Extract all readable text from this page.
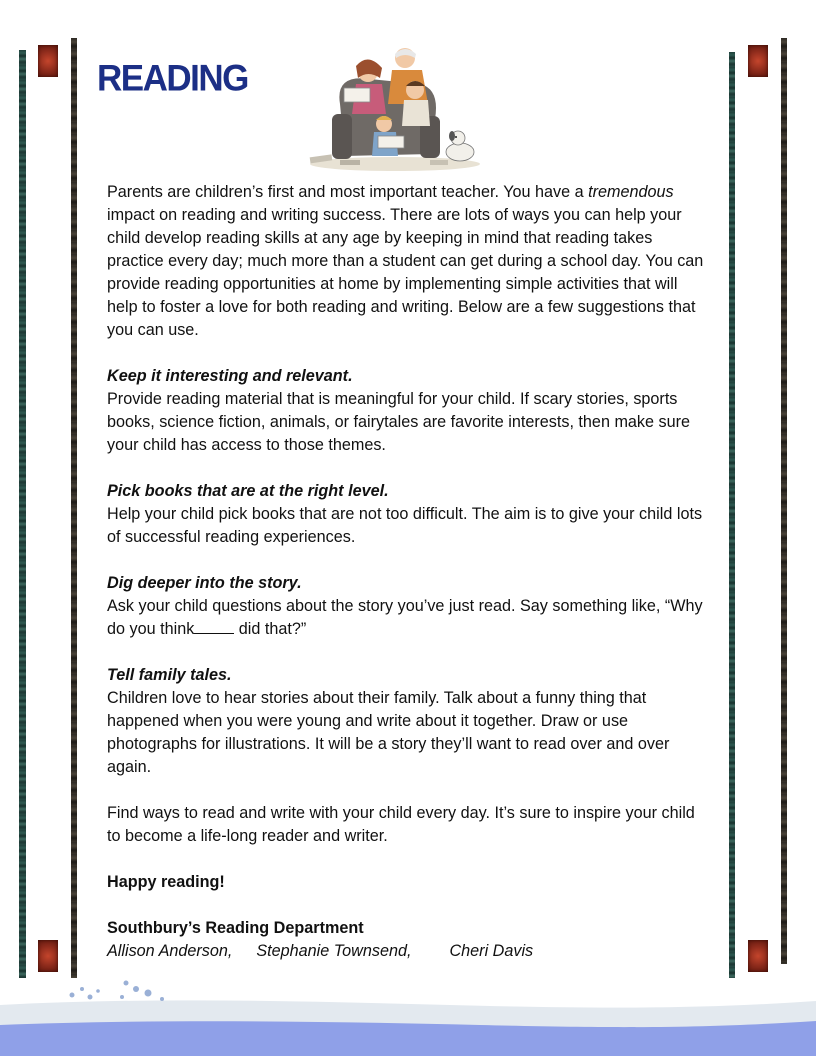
READING

Parents are children’s first and most important teacher. You have a tremendous impact on reading and writing success. There are lots of ways you can help your child develop reading skills at any age by keeping in mind that reading takes practice every day; much more than a student can get during a school day. You can provide reading opportunities at home by implementing simple activities that will help to foster a love for both reading and writing. Below are a few suggestions that you can use.

Keep it interesting and relevant.

Provide reading material that is meaningful for your child. If scary stories, sports books, science fiction, animals, or fairytales are favorite interests, then make sure your child has access to those themes.

Pick books that are at the right level.

Help your child pick books that are not too difficult. The aim is to give your child lots of successful reading experiences.

Dig deeper into the story.

Ask your child questions about the story you’ve just read. Say something like, “Why do you think did that?”

Tell family tales.

Children love to hear stories about their family. Talk about a funny thing that happened when you were young and write about it together. Draw or use photographs for illustrations. It will be a story they’ll want to read over and over again.

Find ways to read and write with your child every day. It’s sure to inspire your child to become a life-long reader and writer.

Happy reading!

Southbury’s Reading Department

Allison Anderson, Stephanie Townsend, Cheri Davis
